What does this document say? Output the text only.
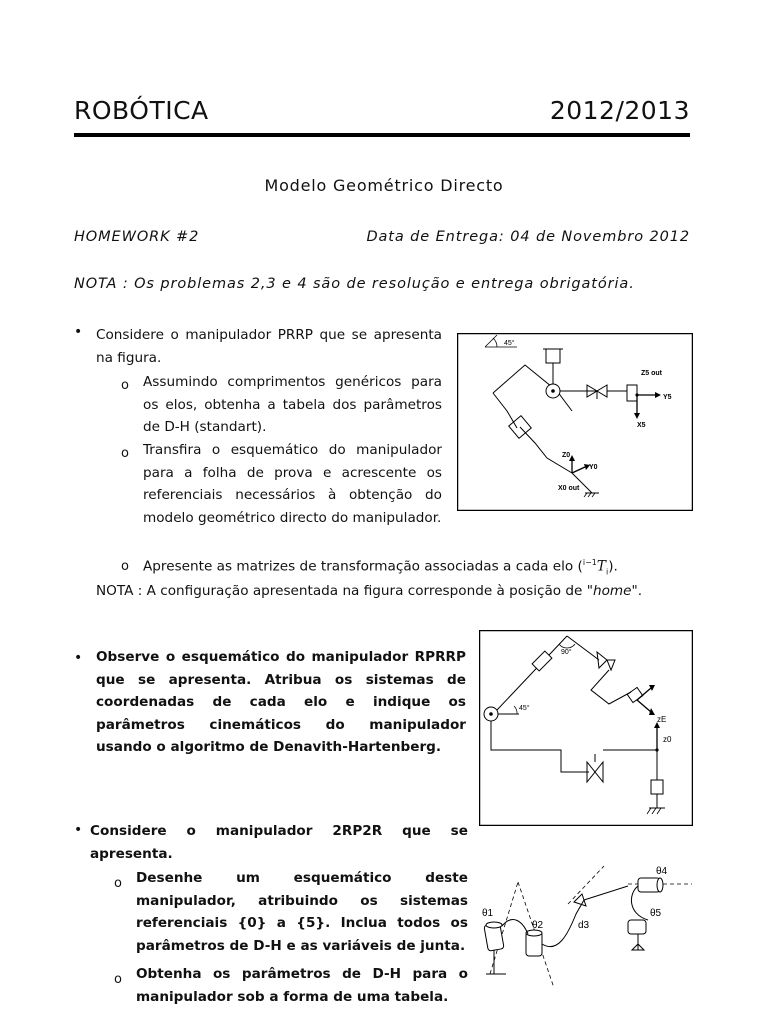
ROBÓTICA	2012/2013
Modelo Geométrico Directo
HOMEWORK #2	Data de Entrega: 04 de Novembro 2012
NOTA : Os problemas 2,3 e 4 são de resolução e entrega obrigatória.
• Considere o manipulador PRRP que se apresenta na figura.
o Assumindo comprimentos genéricos para os elos, obtenha a tabela dos parâmetros de D-H (standart).
o Transfira o esquemático do manipulador para a folha de prova e acrescente os referenciais necessários à obtenção do modelo geométrico directo do manipulador.
o Apresente as matrizes de transformação associadas a cada elo $(^{i-1}T_i)$.
NOTA : A configuração apresentada na figura corresponde à posição de "home".
45°
Z5 out
Y5
X5
Z0
Y0
X0 out
• Observe o esquemático do manipulador RPRRP que se apresenta. Atribua os sistemas de coordenadas de cada elo e indique os parâmetros cinemáticos do manipulador usando o algoritmo de Denavith-Hartenberg.
45°
90°
zE
z0
• Considere o manipulador 2RP2R que se apresenta.
o Desenhe um esquemático deste manipulador, atribuindo os sistemas referenciais {0} a {5}. Inclua todos os parâmetros de D-H e as variáveis de junta.
o Obtenha os parâmetros de D-H para o manipulador sob a forma de uma tabela.
θ1
θ2	d3
θ4
θ5
